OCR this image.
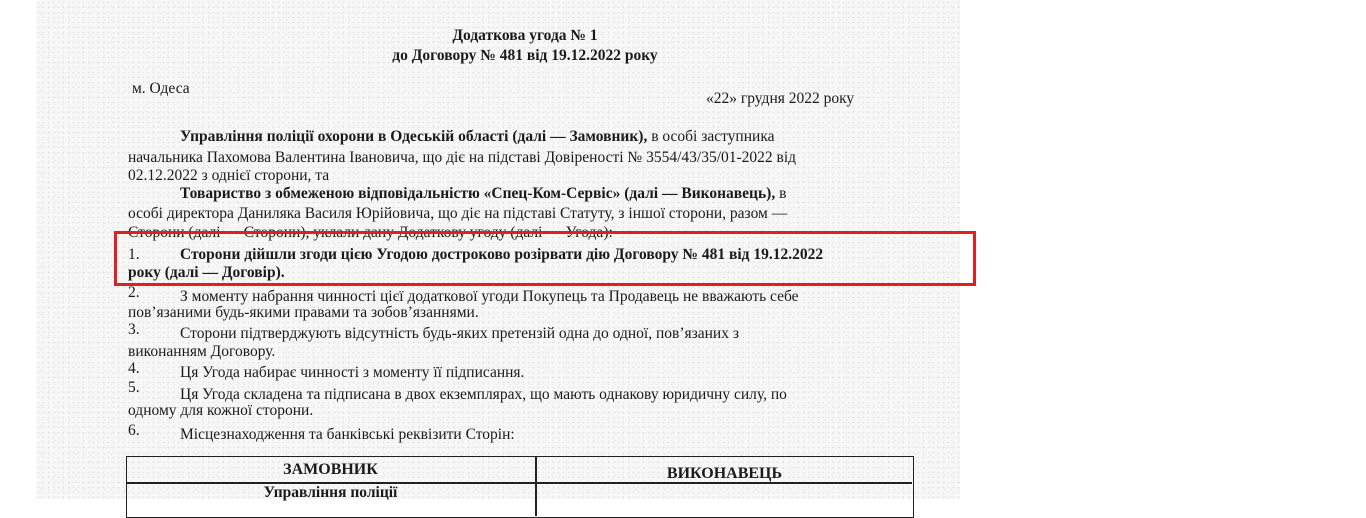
Додаткова угода № 1
до Договору № 481 від 19.12.2022 року
м. Одеса
«22» грудня 2022 року
Управління поліції охорони в Одеській області (далі — Замовник), в особі заступника
начальника Пахомова Валентина Івановича, що діє на підставі Довіреності № 3554/43/35/01-2022 від
02.12.2022 з однієї сторони, та
Товариство з обмеженою відповідальністю «Спец-Ком-Сервіс» (далі — Виконавець), в
особі директора Даниляка Василя Юрійовича, що діє на підставі Статуту, з іншої сторони, разом —
Сторони (далі — Сторони), уклали дану Додаткову угоду (далі — Угода):
1.	Сторони дійшли згоди цією Угодою достроково розірвати дію Договору № 481 від 19.12.2022
року (далі — Договір).
2.	З моменту набрання чинності цієї додаткової угоди Покупець та Продавець не вважають себе
пов’язаними будь-якими правами та зобов’язаннями.
3.	Сторони підтверджують відсутність будь-яких претензій одна до одної, пов’язаних з
виконанням Договору.
4.	Ця Угода набирає чинності з моменту її підписання.
5.	Ця Угода складена та підписана в двох екземплярах, що мають однакову юридичну силу, по
одному для кожної сторони.
6.	Місцезнаходження та банківські реквізити Сторін:
ЗАМОВНИК	ВИКОНАВЕЦЬ
Управління поліції
